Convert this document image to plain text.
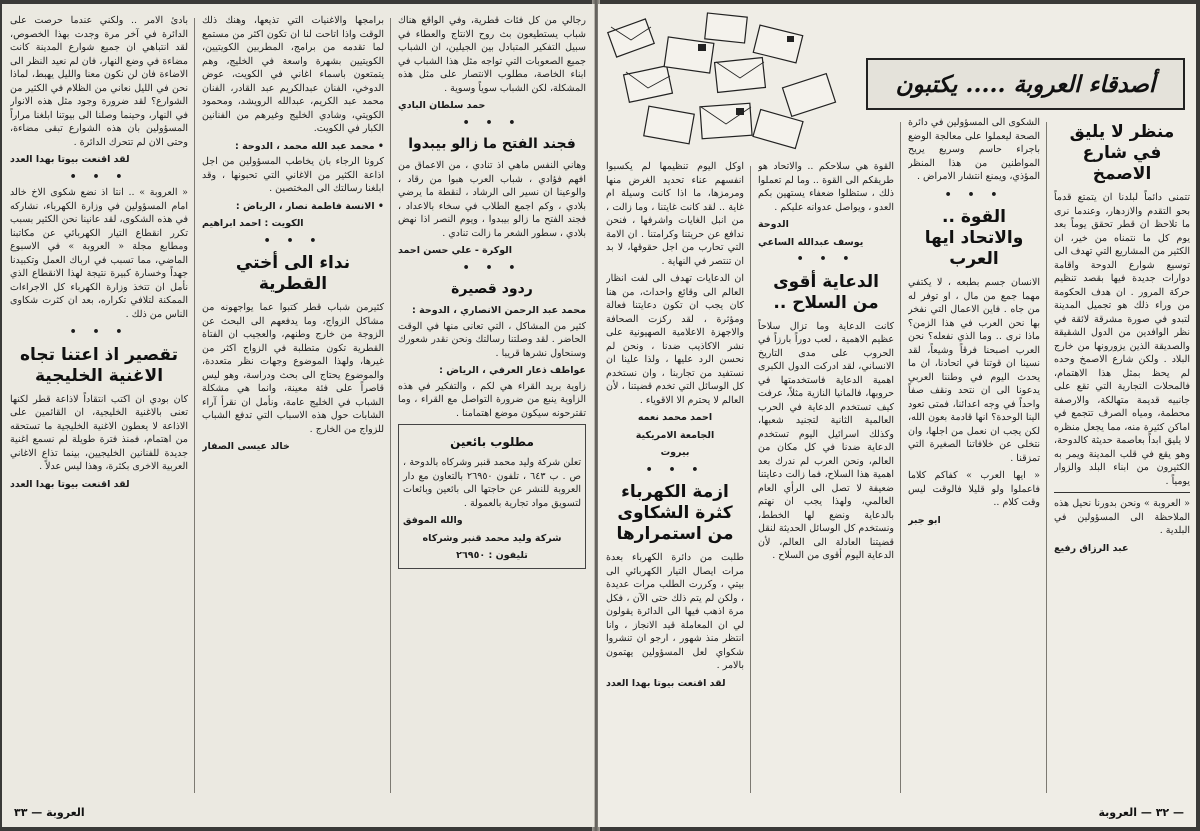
رجالي من كل فئات قطرية، وفي الواقع هناك شباب يستطيعون بث روح الانتاج والعطاء في سبيل التفكير المتبادل بين الجيلين، ان الشباب جميع الصعوبات التي تواجه مثل هذا الشباب في ابناء الخاصة، مطلوب الانتصار على مثل هذه المشكلة، لكن الشباب سوياً وسوية .

حمد سلطان البادي
• • •
فجند الفتح ما زالو بيبدوا

وهاني النفس ماهي اذ تنادي ، من الاعماق من افهم فؤادي ، شباب العرب هبوا من رقاد ، والوعينا ان نسير الى الرشاد ، لنقطة ما يرضي بلادي ، وكم اجمع الطلاب في سخاء بالاعداد ، فجند الفتح ما زالو بيبدوا ، ويوم النصر اذا نهض بلادي ، سطور الشعر ما زالت تنادي .

الوكرة - علي حسن احمد
• • •
ردود قصيرة
محمد عبد الرحمن الانصاري ، الدوحة :

كثير من المشاكل ، التي تعانى منها في الوقت الحاضر . لقد وصلتنا رسالتك ونحن نقدر شعورك وسنحاول نشرها قريبا .

عواطف ذعار العرفي ، الرياض :

زاوية بريد القراء هي لكم ، والتفكير في هذه الزاوية ينبع من ضرورة التواصل مع القراء ، وما تقترحونه سيكون موضع اهتمامنا .

مطلوب بائعين

تعلن شركة وليد محمد قنبر وشركاه بالدوحة ، ص . ب ٦٤٣ ، تلفون ٢٦٩٥٠ بالتعاون مع دار العروبة للنشر عن حاجتها الى بائعين وبائعات لتسويق مواد تجارية بالعمولة .

والله الموفق
شركة وليد محمد قنبر وشركاه
تليفون : ٢٦٩٥٠

برامجها والاغنيات التي تذيعها، وهنك ذلك الوقت واذا اتاحت لنا ان تكون اكثر من مستمع لما تقدمه من برامج، المطربين الكويتيين، الكويتيين بشهرة واسعة في الخليج، وهم يتمتعون باسماء اغاني في الكويت، عوض الدوخي، الفنان عبدالكريم عبد القادر، الفنان محمد عبد الكريم، عبدالله الرويشد، ومحمود الكويتي، وشادي الخليج وغيرهم من الفنانين الكبار في الكويت.

• محمد عبد الله محمد ، الدوحة :

كرونا الرجاء بان يخاطب المسؤولين من اجل اذاعة الكثير من الاغاني التي تحبونها ، وقد ابلغنا رسالتك الى المختصين .

• الانسة فاطمة نصار ، الرياض :
الكويت : احمد ابراهيم
• • •
نداء الى أختي القطرية

كثيرمن شباب قطر كتبوا عما يواجهونه من مشاكل الزواج، وما يدفعهم الى البحث عن الزوجة من خارج وطنهم، والعجيب ان الفتاة القطرية تكون متطلبة في الزواج اكثر من غيرها، ولهذا الموضوع وجهات نظر متعددة، والموضوع يحتاج الى بحث ودراسة، وهو ليس قاصراً على فئة معينة، وانما هي مشكلة الشباب في الخليج عامة، ونأمل ان نقرأ آراء الشابات حول هذه الاسباب التي تدفع الشباب للزواج من الخارج .

خالد عيسى الصفار

بادئ الامر .. ولكني عندما حرصت على الدائرة في آخر مرة وجدت بهذا الخصوص، لقد انتباهي ان جميع شوارع المدينة كانت مضاءة في وضع النهار، فان لم نعيد النظر الى الاضاءة فان لن نكون معنا والليل يهبط، لماذا نحن في الليل نعاني من الظلام في الكثير من الشوارع؟ لقد ضرورة وجود مثل هذه الانوار في النهار، وحينما وصلنا الى بيوتنا ابلغنا مراراً المسؤولين بان هذه الشوارع تبقى مضاءة، وحتى الان لم تتحرك الدائرة .

لقد اقنعت بيوتا بهدا العدد
• • •

« العروبة » .. انتا اذ نضع شكوى الاخ خالد امام المسؤولين في وزارة الكهرباء، نشاركه في هذه الشكوى، لقد عانينا نحن الكثير بسبب تكرر انقطاع التيار الكهربائي عن مكاتبنا ومطابع مجلة « العروبة » في الاسبوع الماضي، مما تسبب في ارباك العمل وتكبيدنا جهداً وخسارة كبيرة نتيجة لهذا الانقطاع الذي نأمل ان تتخذ وزارة الكهرباء كل الاجراءات الممكنة لتلافي تكراره، بعد ان كثرت شكاوى الناس من ذلك .

• • •
تقصير اذ اعتنا تجاه الاغنية الخليجية

كان بودي ان اكتب انتقاداً لاذاعة قطر لكنها تعنى بالاغنية الخليجية، ان القائمين على الاذاعة لا يعطون الاغنية الخليجية ما تستحقه من اهتمام، فمنذ فترة طويلة لم نسمع اغنية جديدة للفنانين الخليجيين، بينما تذاع الاغاني العربية الاخرى بكثرة، وهذا ليس عدلاً .

لقد اقنعت بيوتا بهدا العدد
العروبة — ٣٣
أصدقاء العروبة ..... يكتبون
منظر لا يليق في شارع الاصمخ

تتمنى دائماً لبلدنا ان يتمتع قدماً بحو التقدم والازدهار، وعندما نرى ما تلاحظ ان قطر تحقق يوماً بعد يوم كل ما نتمناه من خير، ان الكثير من المشاريع التي تهدف الى توسيع شوارع الدوحة واقامة دوارات جديدة فيها بقصد تنظيم حركة المرور . ان هدف الحكومة من وراء ذلك هو تجميل المدينة لتبدو في صورة مشرقة لائقة في نظر الوافدين من الدول الشقيقة والصديقة الذين يزورونها من خارج البلاد . ولكن شارع الاصمخ وحده لم يحظ بمثل هذا الاهتمام، فالمحلات التجارية التي تقع على جانبيه قديمة متهالكة، والارصفة محطمة، ومياه الصرف تتجمع في اماكن كثيرة منه، مما يجعل منظره لا يليق ابداً بعاصمة حديثة كالدوحة، وهو يقع في قلب المدينة ويمر به الكثيرون من ابناء البلد والزوار يومياً .

« العروبة » ونحن بدورنا نحيل هذه الملاحظة الى المسؤولين في البلدية .

عبد الرزاق رفيع

الشكوى الى المسؤولين في دائرة الصحة ليعملوا على معالجة الوضع باجراء حاسم وسريع يريح المواطنين من هذا المنظر المؤذي، ويمنع انتشار الامراض .

• • •
القوة .. والاتحاد ايها العرب

الانسان جسم بطبعه ، لا يكتفي مهما جمع من مال ، او توفر له من جاه . فاين الاعمال التي نفخر بها نحن العرب في هذا الزمن؟ ماذا نرى .. وما الذي نفعله؟ نحن العرب اصبحنا فرقاً وشيعاً، لقد نسينا ان قوتنا في اتحادنا، ان ما يحدث اليوم في وطننا العربي يدعونا الى ان نتحد ونقف صفاً واحداً في وجه اعدائنا، فمتى تعود الينا الوحدة؟ انها قادمة بعون الله، لكن يجب ان نعمل من اجلها، وان نتخلى عن خلافاتنا الصغيرة التي تمزقنا .

« ايها العرب » كفاكم كلاما فاعملوا ولو قليلا فالوقت ليس وقت كلام ..

ابو جبر

القوة هي سلاحكم .. والاتحاد هو طريقكم الى القوة .. وما لم تعملوا ذلك ، ستظلوا ضعفاء يستهين بكم العدو ، ويواصل عدوانه عليكم .

الدوحة
يوسف عبدالله الساعي
• • •
الدعاية أقوى من السلاح ..

كانت الدعاية وما تزال سلاحاً عظيم الاهمية ، لعب دوراً بارزاً في الحروب على مدى التاريخ الانساني، لقد ادركت الدول الكبرى اهمية الدعاية فاستخدمتها في حروبها، فالمانيا النازية مثلاً، عرفت كيف تستخدم الدعاية في الحرب العالمية الثانية لتجنيد شعبها، وكذلك اسرائيل اليوم تستخدم الدعاية ضدنا في كل مكان من العالم، ونحن العرب لم ندرك بعد اهمية هذا السلاح، فما زالت دعايتنا ضعيفة لا تصل الى الرأي العام العالمي، ولهذا يجب ان نهتم بالدعاية ونضع لها الخطط، ونستخدم كل الوسائل الحديثة لنقل قضيتنا العادلة الى العالم، لأن الدعاية اليوم أقوى من السلاح .

اوكل اليوم تنظيمها لم يكسبوا انفسهم عناء تحديد الغرض منها ومرمزها، ما اذا كانت وسيلة ام غاية .. لقد كانت غايتنا ، وما زالت ، من انبل الغايات واشرفها ، فنحن ندافع عن حريتنا وكرامتنا . ان الامة التي تحارب من اجل حقوقها، لا بد ان تنتصر في النهاية .

ان الدعايات تهدف الى لفت انظار العالم الى وقائع واحداث، من هنا كان يجب ان تكون دعايتنا فعالة ومؤثرة ، لقد ركزت الصحافة والاجهزة الاعلامية الصهيونية على نشر الاكاذيب ضدنا ، ونحن لم نحسن الرد عليها ، ولذا علينا ان نستفيد من تجاربنا ، وان نستخدم كل الوسائل التي تخدم قضيتنا ، لأن العالم لا يحترم الا الاقوياء .

احمد محمد نعمه
الجامعة الامريكية
بيروت
• • •
ازمة الكهرباء كثرة الشكاوى من استمرارها

طلبت من دائرة الكهرباء بعدة مرات ايصال التيار الكهربائي الى بيتي ، وكررت الطلب مرات عديدة ، ولكن لم يتم ذلك حتى الآن ، فكل مرة اذهب فيها الى الدائرة يقولون لي ان المعاملة قيد الانجاز ، وانا انتظر منذ شهور ، ارجو ان تنشروا شكواي لعل المسؤولين يهتمون بالامر .

لقد اقنعت بيوتا بهدا العدد
— ٣٢ — العروبة
